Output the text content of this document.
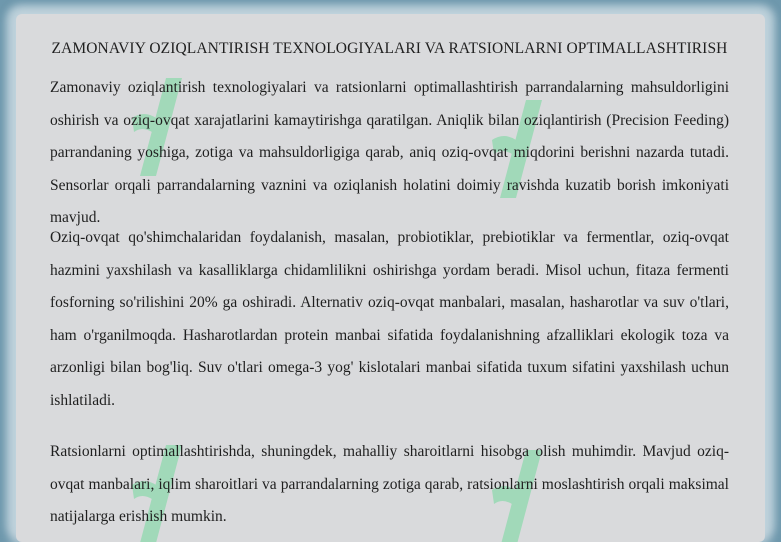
ZAMONAVIY OZIQLANTIRISH TEXNOLOGIYALARI VA RATSIONLARNI OPTIMALLASHTIRISH

Zamonaviy oziqlantirish texnologiyalari va ratsionlarni optimallashtirish parrandalarning mahsuldorligini oshirish va oziq-ovqat xarajatlarini kamaytirishga qaratilgan. Aniqlik bilan oziqlantirish (Precision Feeding) parrandaning yoshiga, zotiga va mahsuldorligiga qarab, aniq oziq-ovqat miqdorini berishni nazarda tutadi. Sensorlar orqali parrandalarning vaznini va oziqlanish holatini doimiy ravishda kuzatib borish imkoniyati mavjud.

Oziq-ovqat qo'shimchalaridan foydalanish, masalan, probiotiklar, prebiotiklar va fermentlar, oziq-ovqat hazmini yaxshilash va kasalliklarga chidamlilikni oshirishga yordam beradi. Misol uchun, fitaza fermenti fosforning so'rilishini 20% ga oshiradi. Alternativ oziq-ovqat manbalari, masalan, hasharotlar va suv o'tlari, ham o'rganilmoqda. Hasharotlardan protein manbai sifatida foydalanishning afzalliklari ekologik toza va arzonligi bilan bog'liq. Suv o'tlari omega-3 yog' kislotalari manbai sifatida tuxum sifatini yaxshilash uchun ishlatiladi.

Ratsionlarni optimallashtirishda, shuningdek, mahalliy sharoitlarni hisobga olish muhimdir. Mavjud oziq-ovqat manbalari, iqlim sharoitlari va parrandalarning zotiga qarab, ratsionlarni moslashtirish orqali maksimal natijalarga erishish mumkin.
